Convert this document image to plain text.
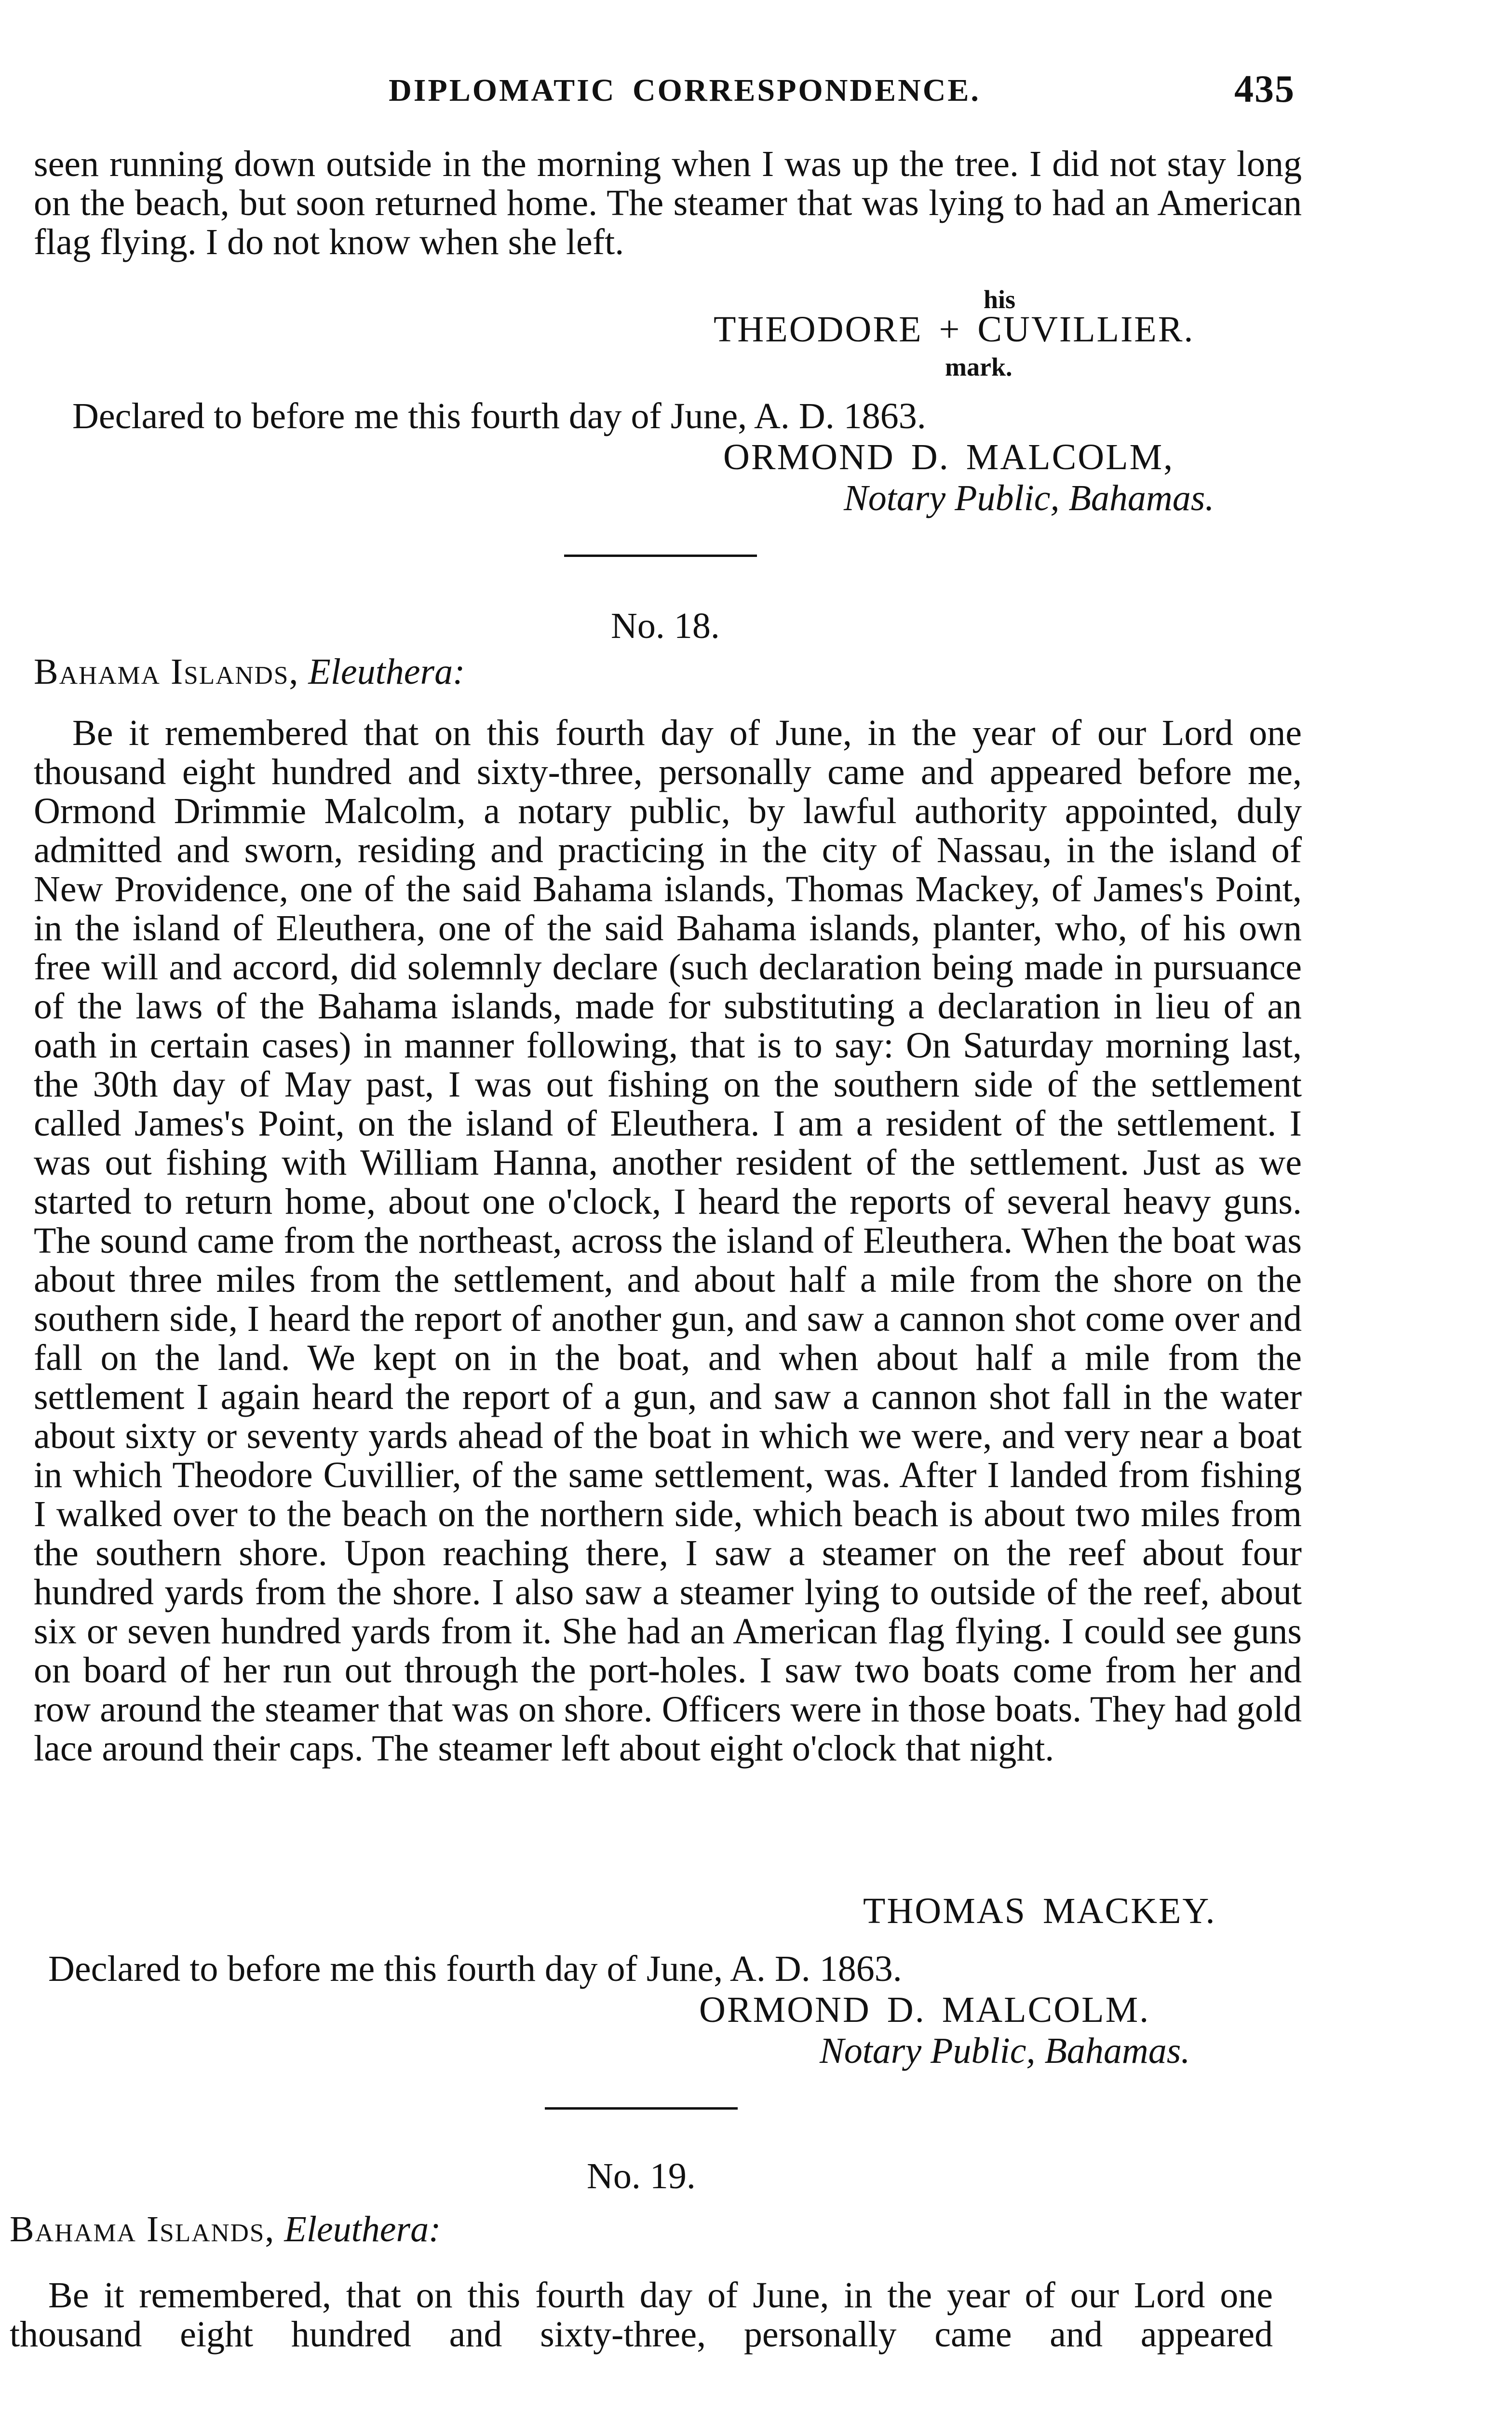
DIPLOMATIC CORRESPONDENCE.	435

seen running down outside in the morning when I was up the tree. I did not stay long on the beach, but soon returned home. The steamer that was lying to had an American flag flying. I do not know when she left.

his
THEODORE + CUVILLIER.
mark.
Declared to before me this fourth day of June, A. D. 1863.
ORMOND D. MALCOLM,
Notary Public, Bahamas.
No. 18.
Bahama Islands, Eleuthera:

Be it remembered that on this fourth day of June, in the year of our Lord one thousand eight hundred and sixty-three, personally came and appeared before me, Ormond Drimmie Malcolm, a notary public, by lawful authority appointed, duly admitted and sworn, residing and practicing in the city of Nassau, in the island of New Providence, one of the said Bahama islands, Thomas Mackey, of James's Point, in the island of Eleuthera, one of the said Bahama islands, planter, who, of his own free will and accord, did solemnly declare (such declaration being made in pursuance of the laws of the Bahama islands, made for substituting a declaration in lieu of an oath in certain cases) in manner following, that is to say: On Saturday morning last, the 30th day of May past, I was out fishing on the southern side of the settlement called James's Point, on the island of Eleuthera. I am a resident of the settlement. I was out fishing with William Hanna, another resident of the settlement. Just as we started to return home, about one o'clock, I heard the reports of several heavy guns. The sound came from the northeast, across the island of Eleuthera. When the boat was about three miles from the settlement, and about half a mile from the shore on the southern side, I heard the report of another gun, and saw a cannon shot come over and fall on the land. We kept on in the boat, and when about half a mile from the settlement I again heard the report of a gun, and saw a cannon shot fall in the water about sixty or seventy yards ahead of the boat in which we were, and very near a boat in which Theodore Cuvillier, of the same settlement, was. After I landed from fishing I walked over to the beach on the northern side, which beach is about two miles from the southern shore. Upon reaching there, I saw a steamer on the reef about four hundred yards from the shore. I also saw a steamer lying to outside of the reef, about six or seven hundred yards from it. She had an American flag flying. I could see guns on board of her run out through the port-holes. I saw two boats come from her and row around the steamer that was on shore. Officers were in those boats. They had gold lace around their caps. The steamer left about eight o'clock that night.

THOMAS MACKEY.
Declared to before me this fourth day of June, A. D. 1863.
ORMOND D. MALCOLM.
Notary Public, Bahamas.
No. 19.
Bahama Islands, Eleuthera:

Be it remembered, that on this fourth day of June, in the year of our Lord one thousand eight hundred and sixty-three, personally came and appeared
